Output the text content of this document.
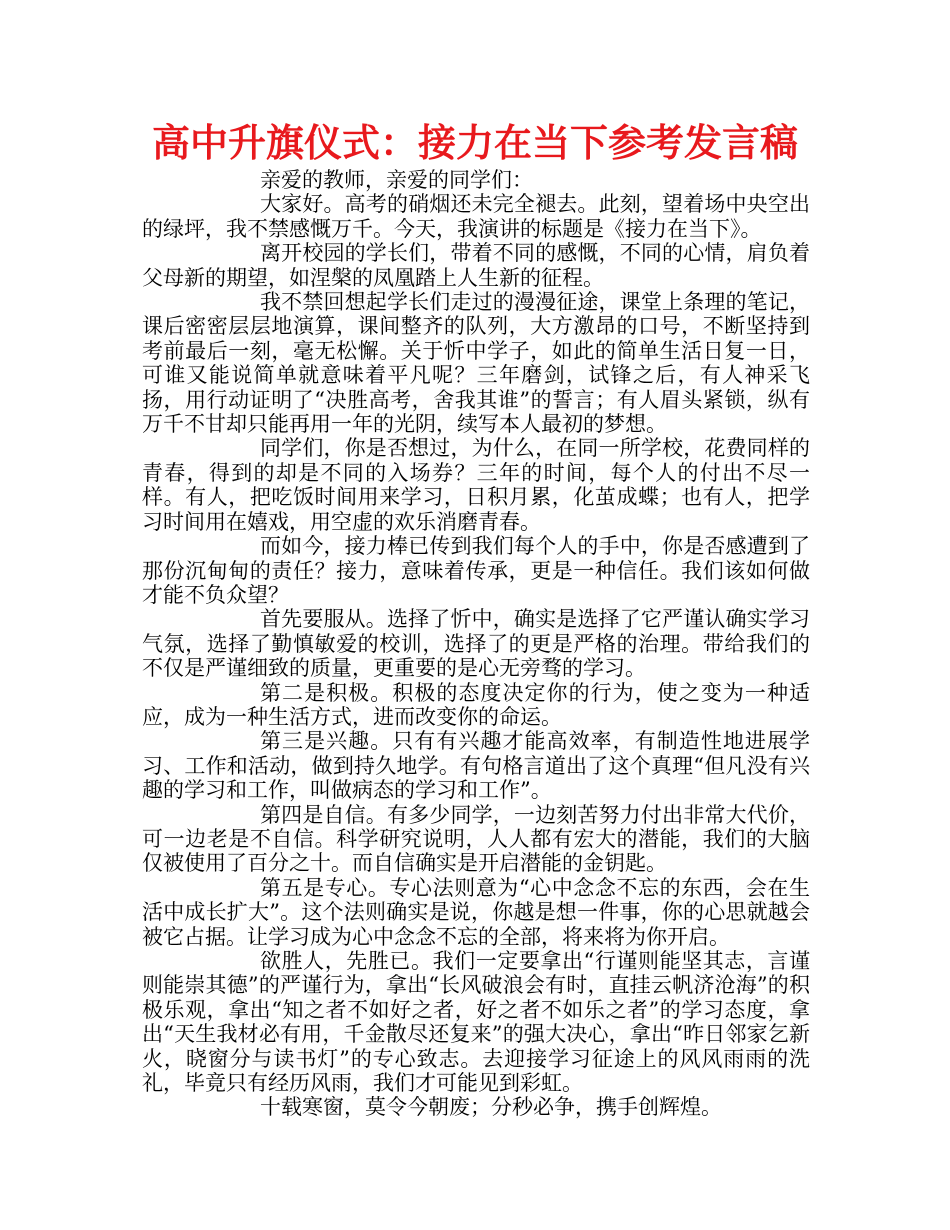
高中升旗仪式：接力在当下参考发言稿

亲爱的教师，亲爱的同学们：

大家好。高考的硝烟还未完全褪去。此刻，望着场中央空出的绿坪，我不禁感慨万千。今天，我演讲的标题是《接力在当下》。

离开校园的学长们，带着不同的感慨，不同的心情，肩负着父母新的期望，如涅槃的凤凰踏上人生新的征程。

我不禁回想起学长们走过的漫漫征途，课堂上条理的笔记，课后密密层层地演算，课间整齐的队列，大方激昂的口号，不断坚持到考前最后一刻，毫无松懈。关于忻中学子，如此的简单生活日复一日，可谁又能说简单就意味着平凡呢？三年磨剑，试锋之后，有人神采飞扬，用行动证明了“决胜高考，舍我其谁”的誓言；有人眉头紧锁，纵有万千不甘却只能再用一年的光阴，续写本人最初的梦想。

同学们，你是否想过，为什么，在同一所学校，花费同样的青春，得到的却是不同的入场券？三年的时间，每个人的付出不尽一样。有人，把吃饭时间用来学习，日积月累，化茧成蝶；也有人，把学习时间用在嬉戏，用空虚的欢乐消磨青春。

而如今，接力棒已传到我们每个人的手中，你是否感遭到了那份沉甸甸的责任？接力，意味着传承，更是一种信任。我们该如何做才能不负众望？

首先要服从。选择了忻中，确实是选择了它严谨认确实学习气氛，选择了勤慎敏爱的校训，选择了的更是严格的治理。带给我们的不仅是严谨细致的质量，更重要的是心无旁骛的学习。

第二是积极。积极的态度决定你的行为，使之变为一种适应，成为一种生活方式，进而改变你的命运。

第三是兴趣。只有有兴趣才能高效率，有制造性地进展学习、工作和活动，做到持久地学。有句格言道出了这个真理“但凡没有兴趣的学习和工作，叫做病态的学习和工作”。

第四是自信。有多少同学，一边刻苦努力付出非常大代价，可一边老是不自信。科学研究说明，人人都有宏大的潜能，我们的大脑仅被使用了百分之十。而自信确实是开启潜能的金钥匙。

第五是专心。专心法则意为“心中念念不忘的东西，会在生活中成长扩大”。这个法则确实是说，你越是想一件事，你的心思就越会被它占据。让学习成为心中念念不忘的全部，将来将为你开启。

欲胜人，先胜已。我们一定要拿出“行谨则能坚其志，言谨则能崇其德”的严谨行为，拿出“长风破浪会有时，直挂云帆济沧海”的积极乐观，拿出“知之者不如好之者，好之者不如乐之者”的学习态度，拿出“天生我材必有用，千金散尽还复来”的强大决心，拿出“昨日邻家乞新火，晓窗分与读书灯”的专心致志。去迎接学习征途上的风风雨雨的洗礼，毕竟只有经历风雨，我们才可能见到彩虹。

十载寒窗，莫令今朝废；分秒必争，携手创辉煌。
